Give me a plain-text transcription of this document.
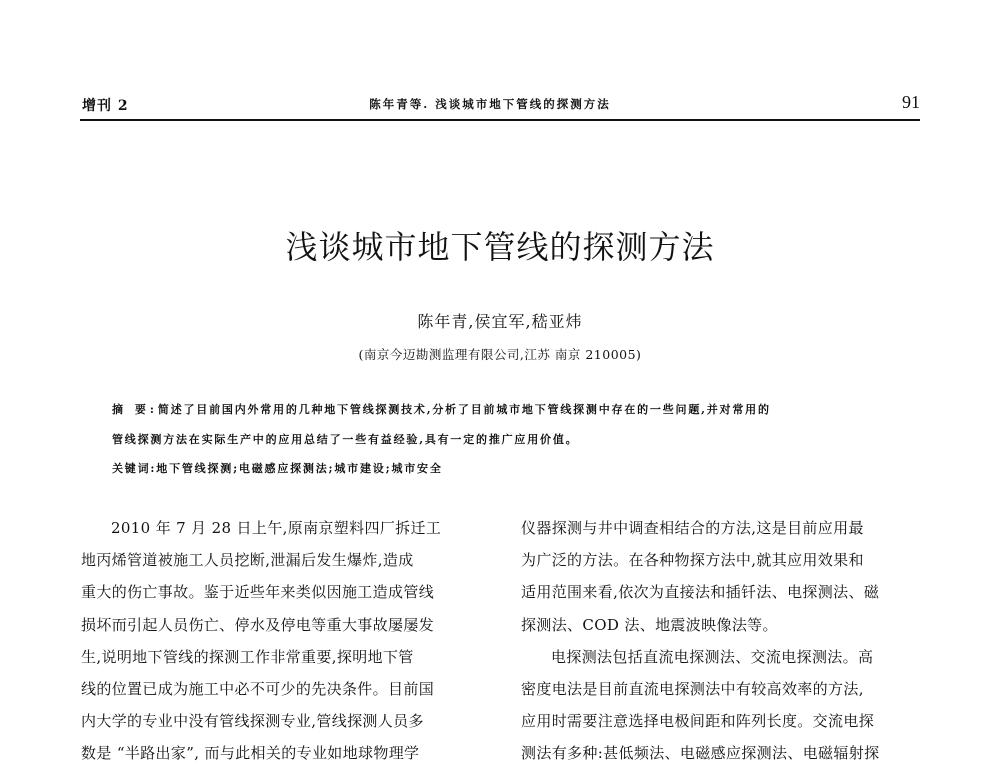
增刊 2	陈年青等. 浅谈城市地下管线的探测方法	91
浅谈城市地下管线的探测方法
陈年青,侯宜军,嵇亚炜
(南京今迈勘测监理有限公司,江苏 南京 210005)
摘 要:简述了目前国内外常用的几种地下管线探测技术,分析了目前城市地下管线探测中存在的一些问题,并对常用的
管线探测方法在实际生产中的应用总结了一些有益经验,具有一定的推广应用价值。
关键词:地下管线探测;电磁感应探测法;城市建设;城市安全
2010 年 7 月 28 日上午,原南京塑料四厂拆迁工
地丙烯管道被施工人员挖断,泄漏后发生爆炸,造成
重大的伤亡事故。鉴于近些年来类似因施工造成管线
损坏而引起人员伤亡、停水及停电等重大事故屡屡发
生,说明地下管线的探测工作非常重要,探明地下管
线的位置已成为施工中必不可少的先决条件。目前国
内大学的专业中没有管线探测专业,管线探测人员多
数是 “半路出家”, 而与此相关的专业如地球物理学
仪器探测与井中调查相结合的方法,这是目前应用最
为广泛的方法。在各种物探方法中,就其应用效果和
适用范围来看,依次为直接法和插钎法、电探测法、磁
探测法、COD 法、地震波映像法等。
电探测法包括直流电探测法、交流电探测法。高
密度电法是目前直流电探测法中有较高效率的方法,
应用时需要注意选择电极间距和阵列长度。交流电探
测法有多种:甚低频法、电磁感应探测法、电磁辐射探
